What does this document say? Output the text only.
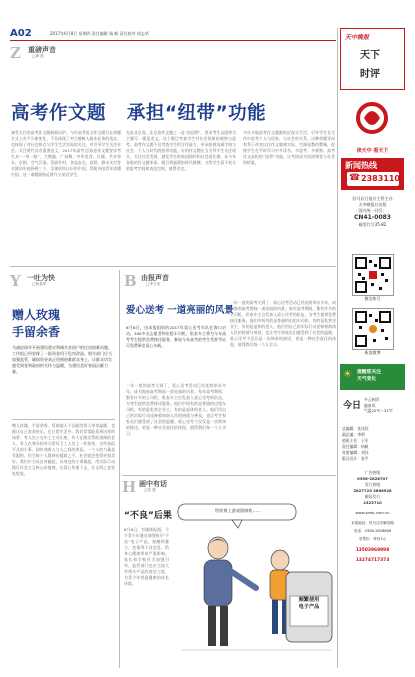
A02	2017年6月8日 星期四 责任编辑 杨 帆 责任校对 胡志华
Z 重磅声音
□龚 凯
高考作文题   承担“纽带”功能
备受关注的高考作文题新鲜出炉。今年高考语文作文题目在命题方式上有不少新变化，不仅体现了对立德树人根本任务的落实，也体现了对社会热点与学生生活实际的关注，对引导学生关注社会、关注时代具有重要意义。2017年高考全国Ⅰ卷作文题要求考生从“一带一路”、大熊猫、广场舞、中华美食、长城、共享单车、京剧、空气污染、美丽乡村、食品安全、高铁、移动支付等关键词中选择两三个，呈现你所认识的中国，帮助外国青年读懂中国。这一命题既贴近时代又贴近学生。
先说北京卷。北京卷作文题之一是“说纽带”，要求考生以纽带为主题写一篇论述文，这个题目考查学生对社会现象的观察与思考。高考作文题不仅考查学生的写作能力，更承担着沟通学校与社会、个人与时代的纽带功能。好的作文题应当引导学生关注现实、关注社会发展，激发学生的家国情怀和社会责任感。从今年各地的作文题来看，题目普遍紧扣时代脉搏，又给学生留下充分的思考空间和表达空间，值得肯定。
今年多地高考作文题都贴近现实生活，引导学生在写作中思考个人与国家、与社会的关系。这种命题导向有利于改变以往作文脱离实际、空洞说教的弊端，促使学生在平时学习中多读书、多思考、多观察。高考作文承担的“纽带”功能，让考试成为连接课堂与社会的桥梁。
Y 一吐为快
□杨春华
赠人玫瑰
手留余香
为减轻保亭开展建设重灾和城乡贫困户的住房困难问题，工作组已经安排了一批资金用于危房改造。相关部门应当加强监管，确保资金真正用到困难群众身上，让群众切实感受到党和政府的关怀与温暖，为建设美好家园贡献力量。
赠人玫瑰，手留余香。帮助他人不仅能给别人带来温暖，也能让自己收获快乐。在日常生活中，我们常常能看到这样的场景：有人在公交车上主动让座，有人在路边帮助迷路的老人，有人在寒冷的冬天给环卫工人送上一杯热茶。这些看似平凡的小事，却传递着人与人之间的善意。一个人的力量是有限的，但当每个人都伸出援助之手，社会就会变得更加美好。我们应当从自身做起，从身边的小事做起，用实际行动践行社会主义核心价值观，让爱心传递下去，让文明之花处处绽放。
B 由报声音
□李文来
爱心送考 一道亮丽的风景
6月6日，由本报组织的2017年爱心送考车队在海口启动，200多名志愿者和出租车司机、私家车主将为今年高考考生提供免费接送服务，参加今年高考的考生凭准考证可免费乘坐爱心车辆。
一年一度的高考又到了，爱心送考活动已经连续举办多年，成为海南高考期间一道亮丽的风景。每年高考期间，都有许多的士司机、私家车主自发加入爱心送考的队伍，为考生提供免费接送服务。他们中间有的是普通的出租车司机，有的是私营企业主，有的是退休的老人。他们用自己的实际行动诠释着海南人民的热情与善良，也让考生和家长们感受到了社会的温暖。爱心送考不仅仅是一次简单的接送，更是一种社会责任的体现，值得我们每一个人学习。
一年一度的高考又到了，爱心送考活动已经连续举办多年，成为海南高考期间一道亮丽的风景。每年高考期间，都有许多的士司机、私家车主自发加入爱心送考的队伍，为考生提供免费接送服务。他们中间有的是普通的出租车司机，有的是私营企业主，有的是退休的老人。他们用自己的实际行动诠释着海南人民的热情与善良，也让考生和家长们感受到了社会的温暖。爱心送考不仅仅是一次简单的接送，更是一种社会责任的体现，值得我们每一个人学习。
H 画中有话
□张 建
“不良”后果
6月6日，有媒体报道，不少青少年通过网络购买“不良”电子产品，接触到暴力、色情等不良信息，给身心健康带来严重影响。家长和学校应当加强引导，监管部门也应当加大对相关产品的查处力度，为青少年营造健康的成长环境。
给你换上游戏限制机……
频繁使用
电子产品
天中晚报
天下
时评
读天中 看天下
新闻热线
☎ 2383110
驻马店日报社主管主办
天中晚报社出版
国内统一刊号：
CN41-0083
邮发代号35-82
微信账号
新浪微博
☀ 提醒您关注
天气变化
今日
多云转阴
偏南风
气温22℃~31℃
总编辑：张凤钦
副总编：李明
值班主任：王军
责任编辑：杨帆
首席编辑：刘洋
版式设计：张平
广告热线
0396-2828707
发行热线
2827720 3666928
邮局发行
2323710
www.tzwb.com.cn
本报地址：驻马店市解放路
电话：0396-2828666
零售价：每份1元
13503969998
13274717373
